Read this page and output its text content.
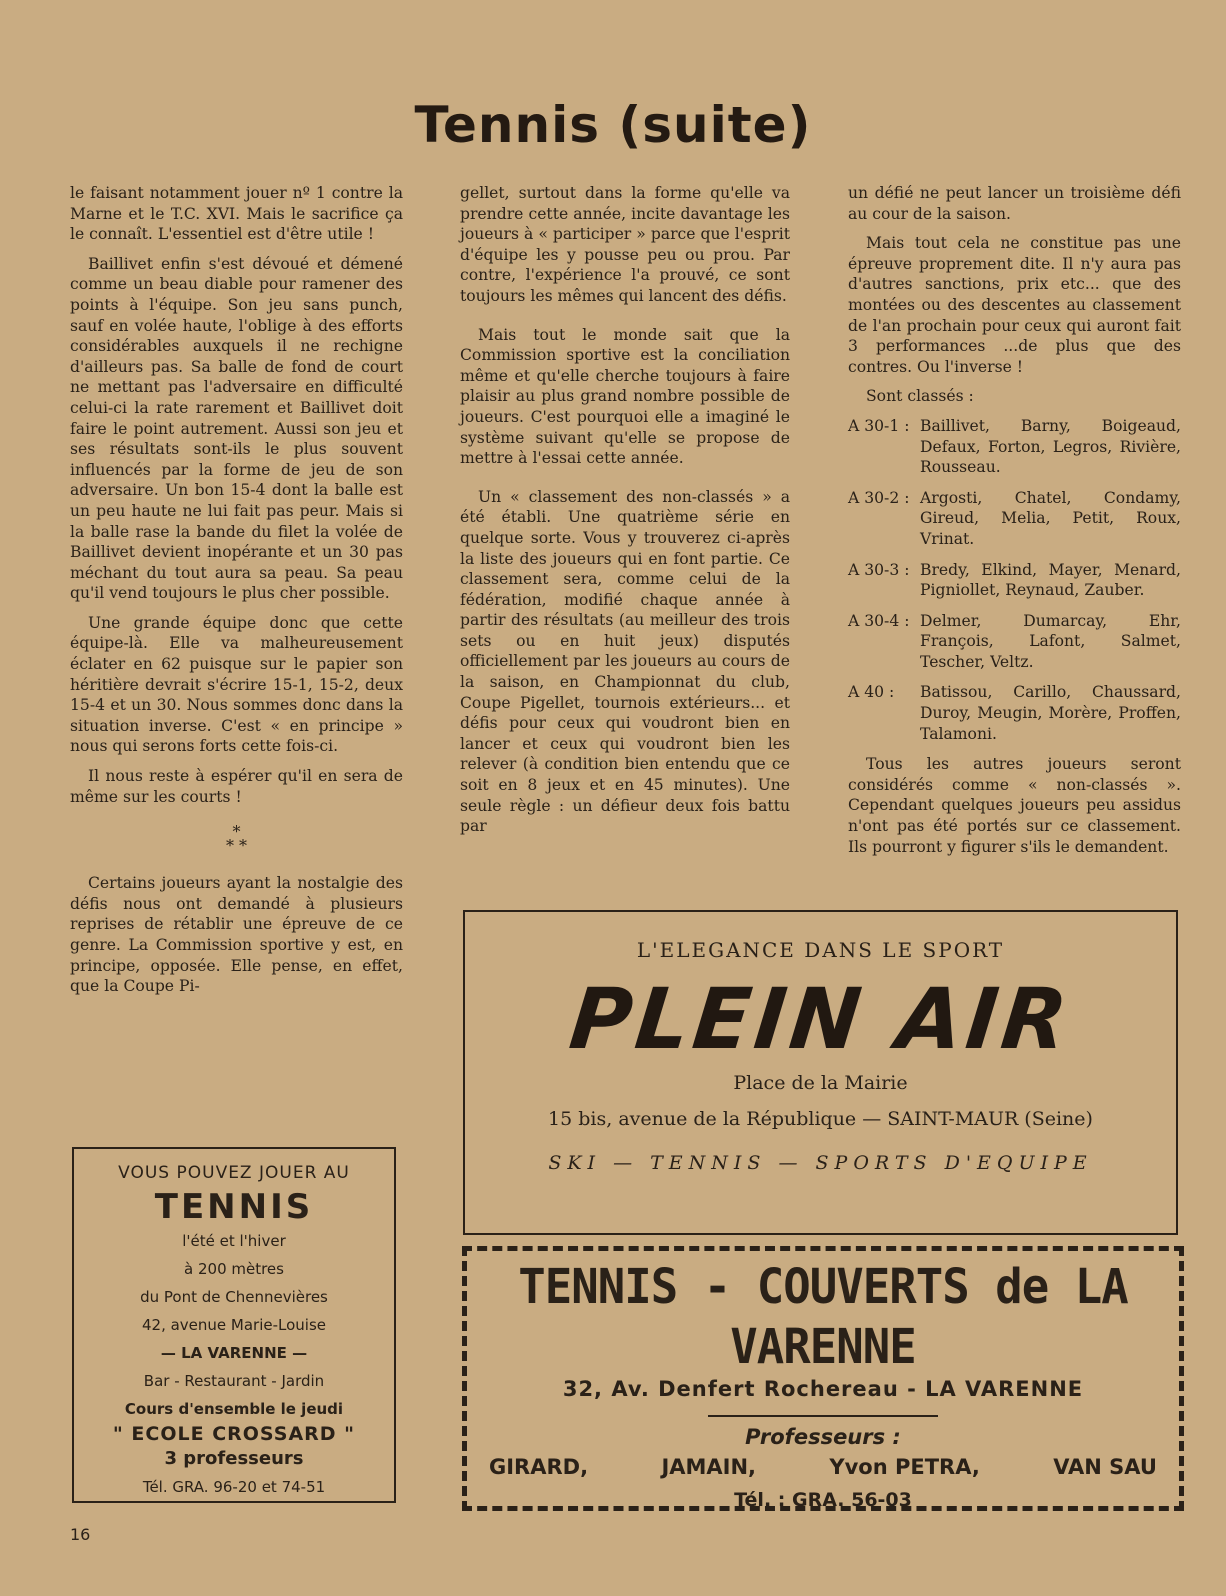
Tennis (suite)

le faisant notamment jouer nº 1 contre la Marne et le T.C. XVI. Mais le sacrifice ça le connaît. L'essentiel est d'être utile !

Baillivet enfin s'est dévoué et démené comme un beau diable pour ramener des points à l'équipe. Son jeu sans punch, sauf en volée haute, l'oblige à des efforts considérables auxquels il ne rechigne d'ailleurs pas. Sa balle de fond de court ne mettant pas l'adversaire en difficulté celui-ci la rate rarement et Baillivet doit faire le point autrement. Aussi son jeu et ses résultats sont-ils le plus souvent influencés par la forme de jeu de son adversaire. Un bon 15-4 dont la balle est un peu haute ne lui fait pas peur. Mais si la balle rase la bande du filet la volée de Baillivet devient inopérante et un 30 pas méchant du tout aura sa peau. Sa peau qu'il vend toujours le plus cher possible.

Une grande équipe donc que cette équipe-là. Elle va malheureusement éclater en 62 puisque sur le papier son héritière devrait s'écrire 15-1, 15-2, deux 15-4 et un 30. Nous sommes donc dans la situation inverse. C'est « en principe » nous qui serons forts cette fois-ci.

Il nous reste à espérer qu'il en sera de même sur les courts !

*
* *

Certains joueurs ayant la nostalgie des défis nous ont demandé à plusieurs reprises de rétablir une épreuve de ce genre. La Commission sportive y est, en principe, opposée. Elle pense, en effet, que la Coupe Pi-

gellet, surtout dans la forme qu'elle va prendre cette année, incite davantage les joueurs à « participer » parce que l'esprit d'équipe les y pousse peu ou prou. Par contre, l'expérience l'a prouvé, ce sont toujours les mêmes qui lancent des défis.

Mais tout le monde sait que la Commission sportive est la conciliation même et qu'elle cherche toujours à faire plaisir au plus grand nombre possible de joueurs. C'est pourquoi elle a imaginé le système suivant qu'elle se propose de mettre à l'essai cette année.

Un « classement des non-classés » a été établi. Une quatrième série en quelque sorte. Vous y trouverez ci-après la liste des joueurs qui en font partie. Ce classement sera, comme celui de la fédération, modifié chaque année à partir des résultats (au meilleur des trois sets ou en huit jeux) disputés officiellement par les joueurs au cours de la saison, en Championnat du club, Coupe Pigellet, tournois extérieurs... et défis pour ceux qui voudront bien en lancer et ceux qui voudront bien les relever (à condition bien entendu que ce soit en 8 jeux et en 45 minutes). Une seule règle : un défieur deux fois battu par

un défié ne peut lancer un troisième défi au cour de la saison.

Mais tout cela ne constitue pas une épreuve proprement dite. Il n'y aura pas d'autres sanctions, prix etc... que des montées ou des descentes au classement de l'an prochain pour ceux qui auront fait 3 performances ...de plus que des contres. Ou l'inverse !

Sont classés :

A 30-1 : Baillivet, Barny, Boigeaud, Defaux, Forton, Legros, Rivière, Rousseau.
A 30-2 : Argosti, Chatel, Condamy, Gireud, Melia, Petit, Roux, Vrinat.
A 30-3 : Bredy, Elkind, Mayer, Menard, Pigniollet, Reynaud, Zauber.
A 30-4 : Delmer, Dumarcay, Ehr, François, Lafont, Salmet, Tescher, Veltz.
A 40 :	Batissou, Carillo, Chaussard, Duroy, Meugin, Morère, Proffen, Talamoni.

Tous les autres joueurs seront considérés comme « non-classés ». Cependant quelques joueurs peu assidus n'ont pas été portés sur ce classement. Ils pourront y figurer s'ils le demandent.

VOUS POUVEZ JOUER AU
TENNIS
l'été et l'hiver
à 200 mètres
du Pont de Chennevières
42, avenue Marie-Louise
— LA VARENNE —
Bar - Restaurant - Jardin
Cours d'ensemble le jeudi
" ECOLE CROSSARD "
3 professeurs
Tél. GRA. 96-20 et 74-51
L'ELEGANCE DANS LE SPORT
PLEIN AIR
Place de la Mairie
15 bis, avenue de la République — SAINT-MAUR (Seine)
SKI — TENNIS — SPORTS D'EQUIPE
TENNIS - COUVERTS de LA VARENNE
32, Av. Denfert Rochereau - LA VARENNE
Professeurs :
GIRARD,	JAMAIN,	Yvon PETRA,	VAN SAU
Tél. : GRA. 56-03
16
